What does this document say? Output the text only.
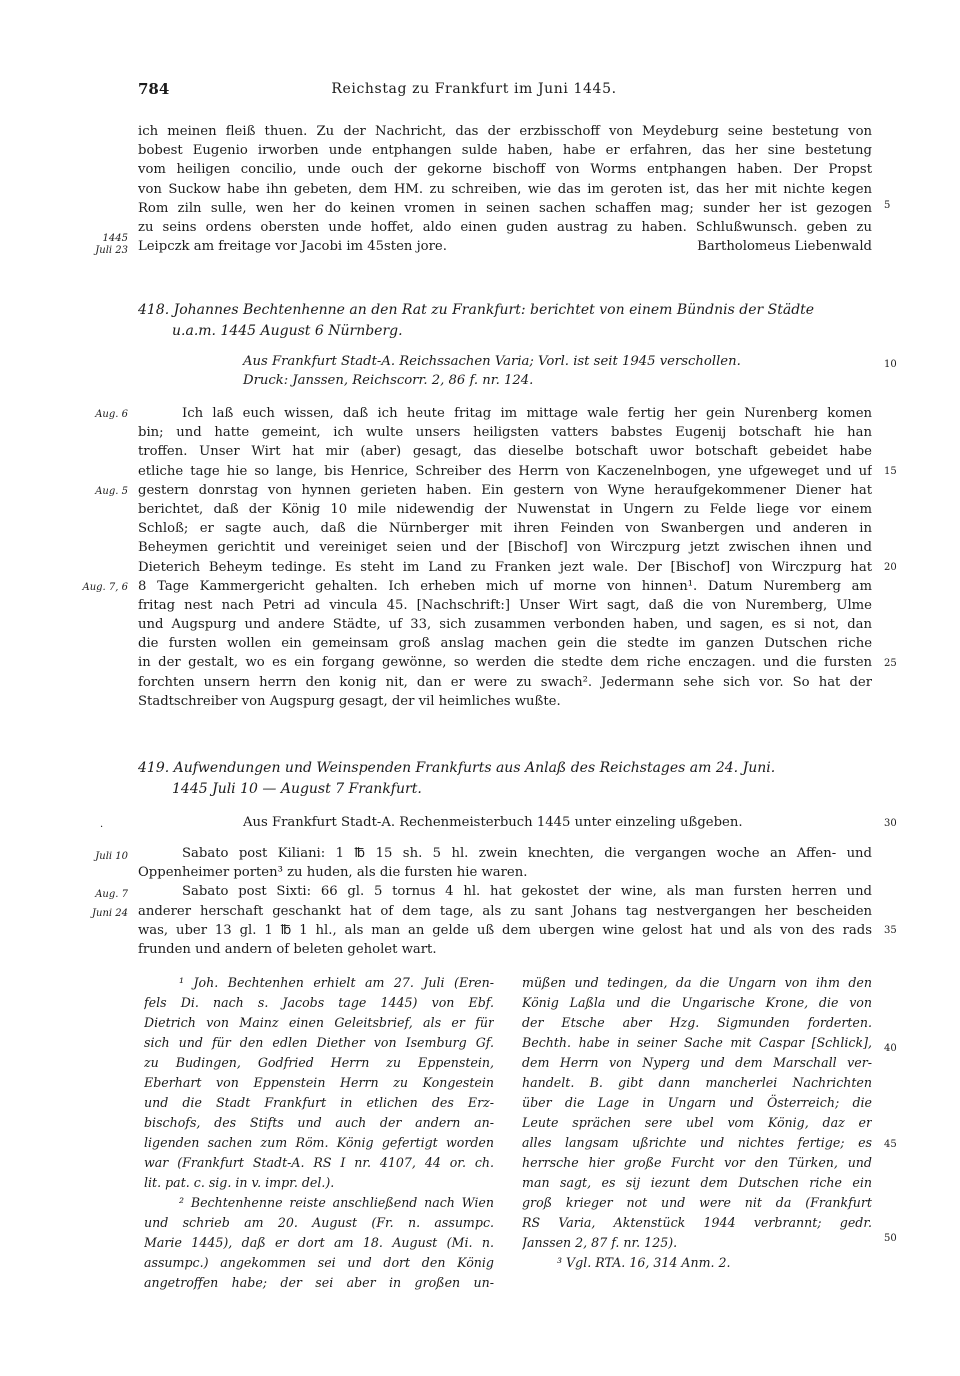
784	Reichstag zu Frankfurt im Juni 1445.
ich meinen fleiß thuen. Zu der Nachricht, das der erzbisschoff von Meydeburg seine bestetung von
bobest Eugenio irworben unde entphangen sulde haben, habe er erfahren, das her sine bestetung
vom heiligen concilio, unde ouch der gekorne bischoff von Worms entphangen haben. Der Propst
von Suckow habe ihn gebeten, dem HM. zu schreiben, wie das im geroten ist, das her mit nichte kegen
Rom ziln sulle, wen her do keinen vromen in seinen sachen schaffen mag; sunder her ist gezogen
zu seins ordens obersten unde hoffet, aldo einen guden austrag zu haben. Schlußwunsch. geben zu
Leipczk am freitage vor Jacobi im 45sten jore.	Bartholomeus Liebenwald
1445
Juli 23
418. Johannes Bechtenhenne an den Rat zu Frankfurt: berichtet von einem Bündnis der Städte
u.a.m. 1445 August 6 Nürnberg.
Aus Frankfurt Stadt-A. Reichssachen Varia; Vorl. ist seit 1945 verschollen.
Druck: Janssen, Reichscorr. 2, 86 f. nr. 124.
Ich laß euch wissen, daß ich heute fritag im mittage wale fertig her gein Nurenberg komen
bin; und hatte gemeint, ich wulte unsers heiligsten vatters babstes Eugenij botschaft hie han
troffen. Unser Wirt hat mir (aber) gesagt, das dieselbe botschaft uwor botschaft gebeidet habe
etliche tage hie so lange, bis Henrice, Schreiber des Herrn von Kaczenelnbogen, yne ufgeweget und uf
gestern donrstag von hynnen gerieten haben. Ein gestern von Wyne heraufgekommener Diener hat
berichtet, daß der König 10 mile nidewendig der Nuwenstat in Ungern zu Felde liege vor einem
Schloß; er sagte auch, daß die Nürnberger mit ihren Feinden von Swanbergen und anderen in
Beheymen gerichtit und vereiniget seien und der [Bischof] von Wirczpurg jetzt zwischen ihnen und
Dieterich Beheym tedinge. Es steht im Land zu Franken jezt wale. Der [Bischof] von Wirczpurg hat
8 Tage Kammergericht gehalten. Ich erheben mich uf morne von hinnen¹. Datum Nuremberg am
fritag nest nach Petri ad vincula 45. [Nachschrift:] Unser Wirt sagt, daß die von Nuremberg, Ulme
und Augspurg und andere Städte, uf 33, sich zusammen verbonden haben, und sagen, es si not, dan
die fursten wollen ein gemeinsam groß anslag machen gein die stedte im ganzen Dutschen riche
in der gestalt, wo es ein forgang gewönne, so werden die stedte dem riche enczagen. und die fursten
forchten unsern herrn den konig nit, dan er were zu swach². Jedermann sehe sich vor. So hat der
Stadtschreiber von Augspurg gesagt, der vil heimliches wußte.
Aug. 6
Aug. 5
Aug. 7, 6
419. Aufwendungen und Weinspenden Frankfurts aus Anlaß des Reichstages am 24. Juni.
1445 Juli 10 — August 7 Frankfurt.
·	Aus Frankfurt Stadt-A. Rechenmeisterbuch 1445 unter einzeling ußgeben.
Sabato post Kiliani: 1 ℔ 15 sh. 5 hl. zwein knechten, die vergangen woche an Affen- und
Oppenheimer porten³ zu huden, als die fursten hie waren.
Sabato post Sixti: 66 gl. 5 tornus 4 hl. hat gekostet der wine, als man fursten herren und
anderer herschaft geschankt hat of dem tage, als zu sant Johans tag nestvergangen her bescheiden
was, uber 13 gl. 1 ℔ 1 hl., als man an gelde uß dem ubergen wine gelost hat und als von des rads
frunden und andern of beleten geholet wart.
Juli 10
Aug. 7
Juni 24
¹ Joh. Bechtenhen erhielt am 27. Juli (Eren-
fels Di. nach s. Jacobs tage 1445) von Ebf.
Dietrich von Mainz einen Geleitsbrief, als er für
sich und für den edlen Diether von Isemburg Gf.
zu Budingen, Godfried Herrn zu Eppenstein,
Eberhart von Eppenstein Herrn zu Kongestein
und die Stadt Frankfurt in etlichen des Erz-
bischofs, des Stifts und auch der andern an-
ligenden sachen zum Röm. König gefertigt worden
war (Frankfurt Stadt-A. RS I nr. 4107, 44 or. ch.
lit. pat. c. sig. in v. impr. del.).
² Bechtenhenne reiste anschließend nach Wien
und schrieb am 20. August (Fr. n. assumpc.
Marie 1445), daß er dort am 18. August (Mi. n.
assumpc.) angekommen sei und dort den König
angetroffen habe; der sei aber in großen un-
müßen und tedingen, da die Ungarn von ihm den
König Laßla und die Ungarische Krone, die von
der Etsche aber Hzg. Sigmunden forderten.
Bechth. habe in seiner Sache mit Caspar [Schlick],
dem Herrn von Nyperg und dem Marschall ver-
handelt. B. gibt dann mancherlei Nachrichten
über die Lage in Ungarn und Österreich; die
Leute sprächen sere ubel vom König, daz er
alles langsam ußrichte und nichtes fertige; es
herrsche hier große Furcht vor den Türken, und
man sagt, es sij iezunt dem Dutschen riche ein
groß krieger not und were nit da (Frankfurt
RS Varia, Aktenstück 1944 verbrannt; gedr.
Janssen 2, 87 f. nr. 125).
³ Vgl. RTA. 16, 314 Anm. 2.
5
10
15
20
25
30
35
40
45
50
